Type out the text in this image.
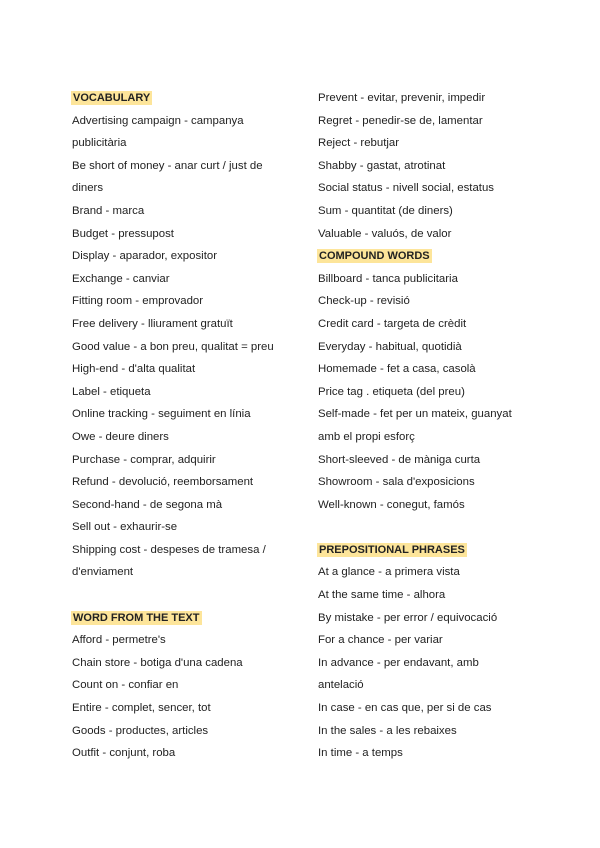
VOCABULARY
Advertising campaign - campanya
publicitària
Be short of money - anar curt / just de
diners
Brand - marca
Budget - pressupost
Display - aparador, expositor
Exchange - canviar
Fitting room - emprovador
Free delivery - lliurament gratuït
Good value - a bon preu, qualitat = preu
High-end - d'alta qualitat
Label - etiqueta
Online tracking - seguiment en línia
Owe - deure diners
Purchase - comprar, adquirir
Refund - devolució, reemborsament
Second-hand - de segona mà
Sell out - exhaurir-se
Shipping cost - despeses de tramesa /
d'enviament
WORD FROM THE TEXT
Afford - permetre's
Chain store - botiga d'una cadena
Count on - confiar en
Entire - complet, sencer, tot
Goods - productes, articles
Outfit - conjunt, roba
Prevent - evitar, prevenir, impedir
Regret - penedir-se de, lamentar
Reject - rebutjar
Shabby - gastat, atrotinat
Social status - nivell social, estatus
Sum - quantitat (de diners)
Valuable - valuós, de valor
COMPOUND WORDS
Billboard - tanca publicitaria
Check-up - revisió
Credit card - targeta de crèdit
Everyday - habitual, quotidià
Homemade - fet a casa, casolà
Price tag . etiqueta (del preu)
Self-made - fet per un mateix, guanyat
amb el propi esforç
Short-sleeved - de màniga curta
Showroom - sala d'exposicions
Well-known - conegut, famós
PREPOSITIONAL PHRASES
At a glance - a primera vista
At the same time - alhora
By mistake - per error / equivocació
For a chance - per variar
In advance - per endavant, amb
antelació
In case - en cas que, per si de cas
In the sales - a les rebaixes
In time - a temps
